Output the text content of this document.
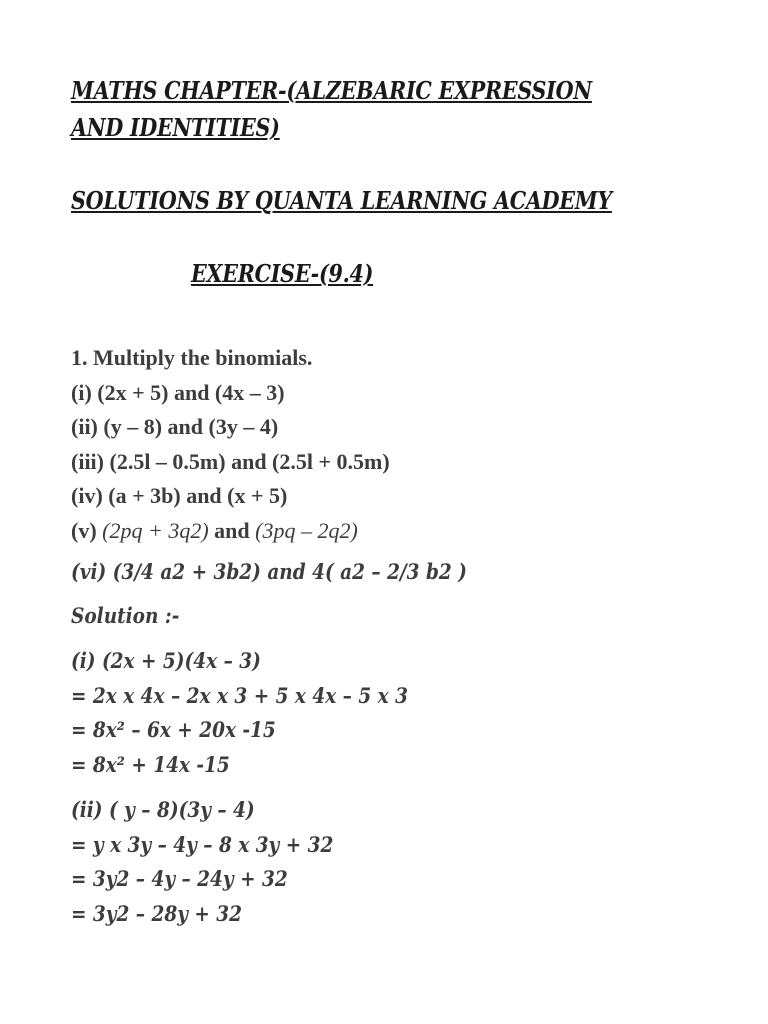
MATHS CHAPTER-(ALZEBARIC EXPRESSION

AND IDENTITIES)

SOLUTIONS BY QUANTA LEARNING ACADEMY

EXERCISE-(9.4)

1. Multiply the binomials.

(i) (2x + 5) and (4x – 3)

(ii) (y – 8) and (3y – 4)

(iii) (2.5l – 0.5m) and (2.5l + 0.5m)

(iv) (a + 3b) and (x + 5)

(v) (2pq + 3q2) and (3pq – 2q2)

(vi) (3/4 a2 + 3b2) and 4( a2 – 2/3 b2 )

Solution :-

(i) (2x + 5)(4x – 3)

= 2x x 4x – 2x x 3 + 5 x 4x – 5 x 3

= 8x² – 6x + 20x -15

= 8x² + 14x -15

(ii) ( y – 8)(3y – 4)

= y x 3y – 4y – 8 x 3y + 32

= 3y2 – 4y – 24y + 32

= 3y2 – 28y + 32
